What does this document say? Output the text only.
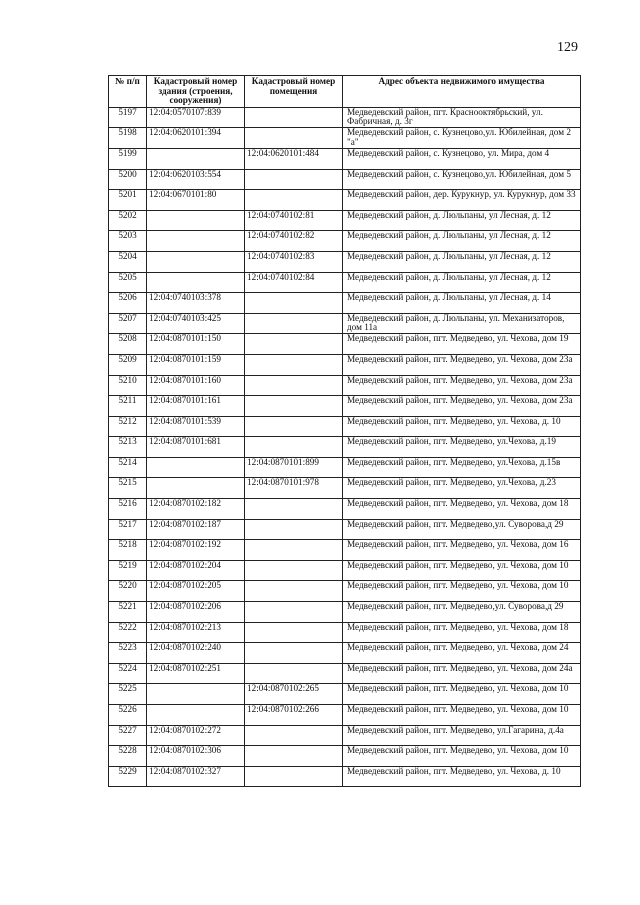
129
№ п/п	Кадастровый номер здания (строения, сооружения)	Кадастровый номер помещения	Адрес объекта недвижимого имущества
5197	12:04:0570107:839		Медведевский район, пгт. Краснооктябрьский, ул. Фабричная, д. 3г
5198	12:04:0620101:394		Медведевский район, с. Кузнецово,ул. Юбилейная, дом 2 "а"
5199		12:04:0620101:484	Медведевский район, с. Кузнецово, ул. Мира, дом 4
5200	12:04:0620103:554		Медведевский район, с. Кузнецово,ул. Юбилейная, дом 5
5201	12:04:0670101:80		Медведевский район, дер. Курукнур, ул. Курукнур, дом 33
5202		12:04:0740102:81	Медведевский район, д. Люльпаны, ул Лесная, д. 12
5203		12:04:0740102:82	Медведевский район, д. Люльпаны, ул Лесная, д. 12
5204		12:04:0740102:83	Медведевский район, д. Люльпаны, ул Лесная, д. 12
5205		12:04:0740102:84	Медведевский район, д. Люльпаны, ул Лесная, д. 12
5206	12:04:0740103:378		Медведевский район, д. Люльпаны, ул Лесная, д. 14
5207	12:04:0740103:425		Медведевский район, д. Люльпаны, ул. Механизаторов, дом 11а
5208	12:04:0870101:150		Медведевский район, пгт. Медведево, ул. Чехова, дом 19
5209	12:04:0870101:159		Медведевский район, пгт. Медведево, ул. Чехова, дом 23а
5210	12:04:0870101:160		Медведевский район, пгт. Медведево, ул. Чехова, дом 23а
5211	12:04:0870101:161		Медведевский район, пгт. Медведево, ул. Чехова, дом 23а
5212	12:04:0870101:539		Медведевский район, пгт. Медведево, ул. Чехова, д. 10
5213	12:04:0870101:681		Медведевский район, пгт. Медведево, ул.Чехова, д.19
5214		12:04:0870101:899	Медведевский район, пгт. Медведево, ул.Чехова, д.15в
5215		12:04:0870101:978	Медведевский район, пгт. Медведево, ул.Чехова, д.23
5216	12:04:0870102:182		Медведевский район, пгт. Медведево, ул. Чехова, дом 18
5217	12:04:0870102:187		Медведевский район, пгт. Медведево,ул. Суворова,д 29
5218	12:04:0870102:192		Медведевский район, пгт. Медведево, ул. Чехова, дом 16
5219	12:04:0870102:204		Медведевский район, пгт. Медведево, ул. Чехова, дом 10
5220	12:04:0870102:205		Медведевский район, пгт. Медведево, ул. Чехова, дом 10
5221	12:04:0870102:206		Медведевский район, пгт. Медведево,ул. Суворова,д 29
5222	12:04:0870102:213		Медведевский район, пгт. Медведево, ул. Чехова, дом 18
5223	12:04:0870102:240		Медведевский район, пгт. Медведево, ул. Чехова, дом 24
5224	12:04:0870102:251		Медведевский район, пгт. Медведево, ул. Чехова, дом 24а
5225		12:04:0870102:265	Медведевский район, пгт. Медведево, ул. Чехова, дом 10
5226		12:04:0870102:266	Медведевский район, пгт. Медведево, ул. Чехова, дом 10
5227	12:04:0870102:272		Медведевский район, пгт. Медведево, ул.Гагарина, д.4а
5228	12:04:0870102:306		Медведевский район, пгт. Медведево, ул. Чехова, дом 10
5229	12:04:0870102:327		Медведевский район, пгт. Медведево, ул. Чехова, д. 10
